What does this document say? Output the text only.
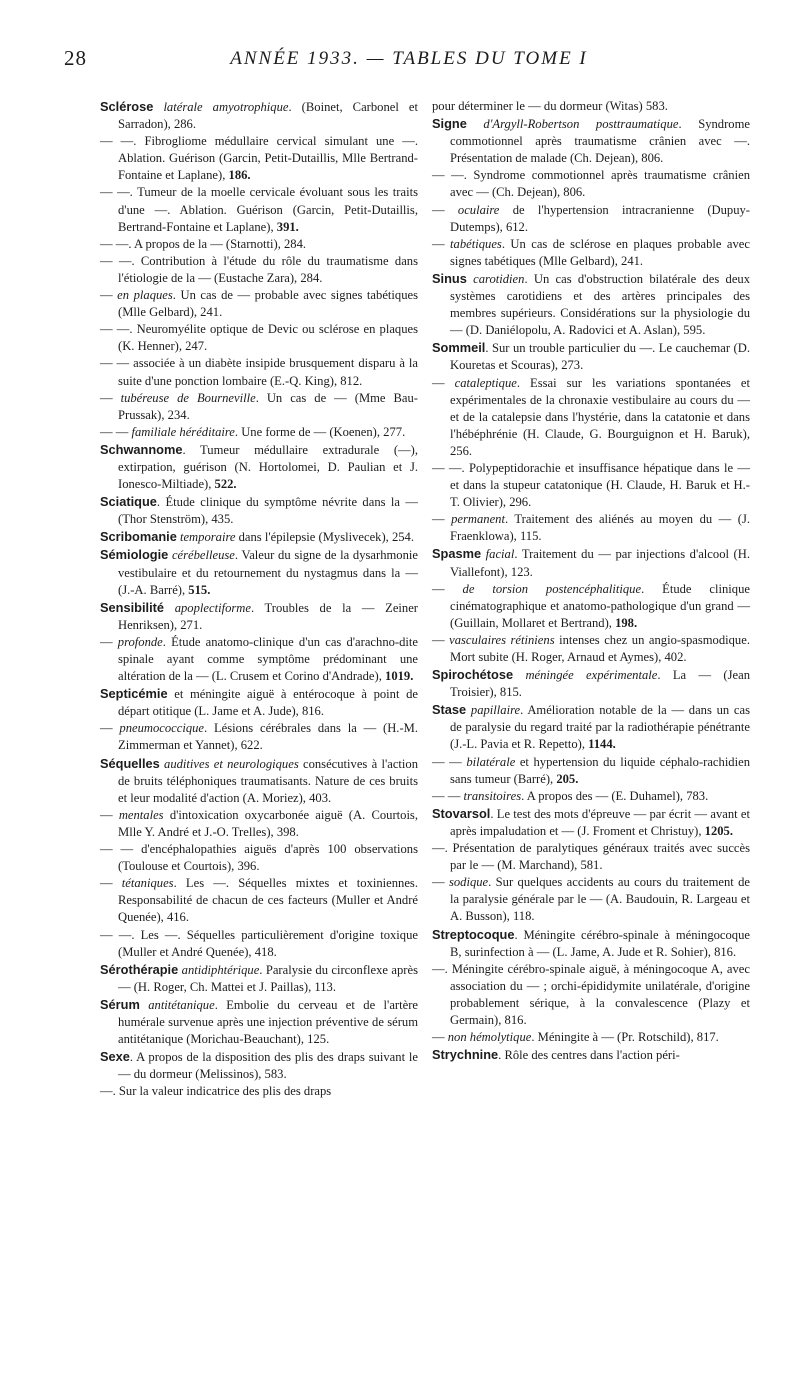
28	ANNÉE 1933. — TABLES DU TOME I

Sclérose latérale amyotrophique. (Boinet, Carbonel et Sarradon), 286.

— —. Fibrogliome médullaire cervical simulant une —. Ablation. Guérison (Garcin, Petit-Dutaillis, Mlle Bertrand-Fontaine et Laplane), 186.

— —. Tumeur de la moelle cervicale évoluant sous les traits d'une —. Ablation. Guérison (Garcin, Petit-Dutaillis, Bertrand-Fontaine et Laplane), 391.

— —. A propos de la — (Starnotti), 284.

— —. Contribution à l'étude du rôle du traumatisme dans l'étiologie de la — (Eustache Zara), 284.

— en plaques. Un cas de — probable avec signes tabétiques (Mlle Gelbard), 241.

— —. Neuromyélite optique de Devic ou sclérose en plaques (K. Henner), 247.

— — associée à un diabète insipide brusquement disparu à la suite d'une ponction lombaire (E.-Q. King), 812.

— tubéreuse de Bourneville. Un cas de — (Mme Bau-Prussak), 234.

— — familiale héréditaire. Une forme de — (Koenen), 277.

Schwannome. Tumeur médullaire extradurale (—), extirpation, guérison (N. Hortolomei, D. Paulian et J. Ionesco-Miltiade), 522.

Sciatique. Étude clinique du symptôme névrite dans la — (Thor Stenström), 435.

Scribomanie temporaire dans l'épilepsie (Myslivecek), 254.

Sémiologie cérébelleuse. Valeur du signe de la dysarhmonie vestibulaire et du retournement du nystagmus dans la — (J.-A. Barré), 515.

Sensibilité apoplectiforme. Troubles de la — Zeiner Henriksen), 271.

— profonde. Étude anatomo-clinique d'un cas d'arachno-dite spinale ayant comme symptôme prédominant une altération de la — (L. Crusem et Corino d'Andrade), 1019.

Septicémie et méningite aiguë à entérocoque à point de départ otitique (L. Jame et A. Jude), 816.

— pneumococcique. Lésions cérébrales dans la — (H.-M. Zimmerman et Yannet), 622.

Séquelles auditives et neurologiques consécutives à l'action de bruits téléphoniques traumatisants. Nature de ces bruits et leur modalité d'action (A. Moriez), 403.

— mentales d'intoxication oxycarbonée aiguë (A. Courtois, Mlle Y. André et J.-O. Trelles), 398.

— — d'encéphalopathies aiguës d'après 100 observations (Toulouse et Courtois), 396.

— tétaniques. Les —. Séquelles mixtes et toxiniennes. Responsabilité de chacun de ces facteurs (Muller et André Quenée), 416.

— —. Les —. Séquelles particulièrement d'origine toxique (Muller et André Quenée), 418.

Sérothérapie antidiphtérique. Paralysie du circonflexe après — (H. Roger, Ch. Mattei et J. Paillas), 113.

Sérum antitétanique. Embolie du cerveau et de l'artère humérale survenue après une injection préventive de sérum antitétanique (Morichau-Beauchant), 125.

Sexe. A propos de la disposition des plis des draps suivant le — du dormeur (Melissinos), 583.

—. Sur la valeur indicatrice des plis des draps

pour déterminer le — du dormeur (Witas) 583.

Signe d'Argyll-Robertson posttraumatique. Syndrome commotionnel après traumatisme crânien avec —. Présentation de malade (Ch. Dejean), 806.

— —. Syndrome commotionnel après traumatisme crânien avec — (Ch. Dejean), 806.

— oculaire de l'hypertension intracranienne (Dupuy-Dutemps), 612.

— tabétiques. Un cas de sclérose en plaques probable avec signes tabétiques (Mlle Gelbard), 241.

Sinus carotidien. Un cas d'obstruction bilatérale des deux systèmes carotidiens et des artères principales des membres supérieurs. Considérations sur la physiologie du — (D. Daniélopolu, A. Radovici et A. Aslan), 595.

Sommeil. Sur un trouble particulier du —. Le cauchemar (D. Kouretas et Scouras), 273.

— cataleptique. Essai sur les variations spontanées et expérimentales de la chronaxie vestibulaire au cours du — et de la catalepsie dans l'hystérie, dans la catatonie et dans l'hébéphrénie (H. Claude, G. Bourguignon et H. Baruk), 256.

— —. Polypeptidorachie et insuffisance hépatique dans le — et dans la stupeur catatonique (H. Claude, H. Baruk et H.-T. Olivier), 296.

— permanent. Traitement des aliénés au moyen du — (J. Fraenklowa), 115.

Spasme facial. Traitement du — par injections d'alcool (H. Viallefont), 123.

— de torsion postencéphalitique. Étude clinique cinématographique et anatomo-pathologique d'un grand — (Guillain, Mollaret et Bertrand), 198.

— vasculaires rétiniens intenses chez un angio-spasmodique. Mort subite (H. Roger, Arnaud et Aymes), 402.

Spirochétose méningée expérimentale. La — (Jean Troisier), 815.

Stase papillaire. Amélioration notable de la — dans un cas de paralysie du regard traité par la radiothérapie pénétrante (J.-L. Pavia et R. Repetto), 1144.

— — bilatérale et hypertension du liquide céphalo-rachidien sans tumeur (Barré), 205.

— — transitoires. A propos des — (E. Duhamel), 783.

Stovarsol. Le test des mots d'épreuve — par écrit — avant et après impaludation et — (J. Froment et Christuy), 1205.

—. Présentation de paralytiques généraux traités avec succès par le — (M. Marchand), 581.

— sodique. Sur quelques accidents au cours du traitement de la paralysie générale par le — (A. Baudouin, R. Largeau et A. Busson), 118.

Streptocoque. Méningite cérébro-spinale à méningocoque B, surinfection à — (L. Jame, A. Jude et R. Sohier), 816.

—. Méningite cérébro-spinale aiguë, à méningocoque A, avec association du — ; orchi-épididymite unilatérale, d'origine probablement sérique, à la convalescence (Plazy et Germain), 816.

— non hémolytique. Méningite à — (Pr. Rotschild), 817.

Strychnine. Rôle des centres dans l'action péri-
